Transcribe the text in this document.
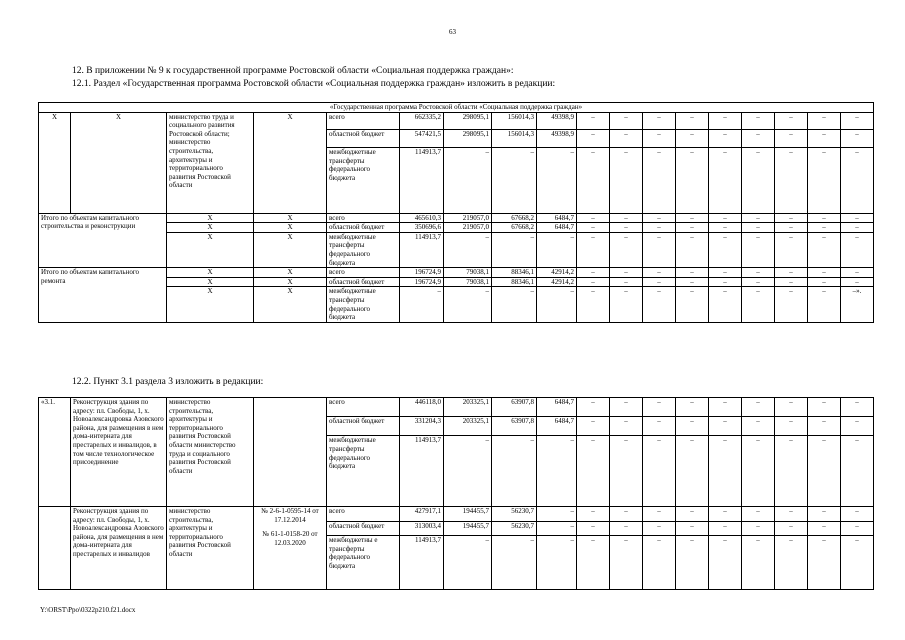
63
12. В приложении № 9 к государственной программе Ростовской области «Социальная поддержка граждан»:
12.1. Раздел «Государственная программа Ростовской области «Социальная поддержка граждан» изложить в редакции:
«Государственная программа Ростовской области «Социальная поддержка граждан»																	
Х	Х	министерство труда и социального развития Ростовской области; министерство строительства, архитектуры и территориального развития Ростовской области	Х	всего	662335,2	298095,1	156014,3	49398,9	–	–	–	–	–	–	–	–	–
				областной бюджет	547421,5	298095,1	156014,3	49398,9	–	–	–	–	–	–	–	–	–
				межбюджетные трансферты федерального бюджета	114913,7	–	–	–	–	–	–	–	–	–	–	–	–
Итого по объектам капитального строительства и реконструкции		Х	Х	всего	465610,3	219057,0	67668,2	6484,7	–	–	–	–	–	–	–	–	–
		Х	Х	областной бюджет	350696,6	219057,0	67668,2	6484,7	–	–	–	–	–	–	–	–	–
		Х	Х	межбюджетные трансферты федерального бюджета	114913,7	–	–	–	–	–	–	–	–	–	–	–	–
Итого по объектам капитального ремонта		Х	Х	всего	196724,9	79038,1	88346,1	42914,2	–	–	–	–	–	–	–	–	–
		Х	Х	областной бюджет	196724,9	79038,1	88346,1	42914,2	–	–	–	–	–	–	–	–	–
		Х	Х	межбюджетные трансферты федерального бюджета	–	–	–	–	–	–	–	–	–	–	–	–	–».
12.2. Пункт 3.1 раздела 3 изложить в редакции:
«3.1.	Реконструкция здания по адресу: пл. Свободы, 1, х. Новоалександровка Азовского района, для размещения в нем дома-интерната для престарелых и инвалидов, в том числе технологическое присоединение	министерство строительства, архитектуры и территориального развития Ростовской области министерство труда и социального развития Ростовской области		всего	446118,0	203325,1	63907,8	6484,7	–	–	–	–	–	–	–	–	–
				областной бюджет	331204,3	203325,1	63907,8	6484,7	–	–	–	–	–	–	–	–	–
				межбюджетные трансферты федерального бюджета	114913,7	–	–	–	–	–	–	–	–	–	–	–	–
	Реконструкция здания по адресу: пл. Свободы, 1, х. Новоалександровка Азовского района, для размещения в нем дома-интерната для престарелых и инвалидов	министерство строительства, архитектуры и территориального развития Ростовской области	№ 2-6-1-0595-14 от 17.12.2014
№ 61-1-0158-20 от 12.03.2020	всего	427917,1	194455,7	56230,7	–	–	–	–	–	–	–	–	–	–
				областной бюджет	313003,4	194455,7	56230,7	–	–	–	–	–	–	–	–	–	–
				межбюджетны е трансферты федерального бюджета	114913,7	–	–	–	–	–	–	–	–	–	–	–	–
Y:\ORST\Ppo\0322p210.f21.docx
